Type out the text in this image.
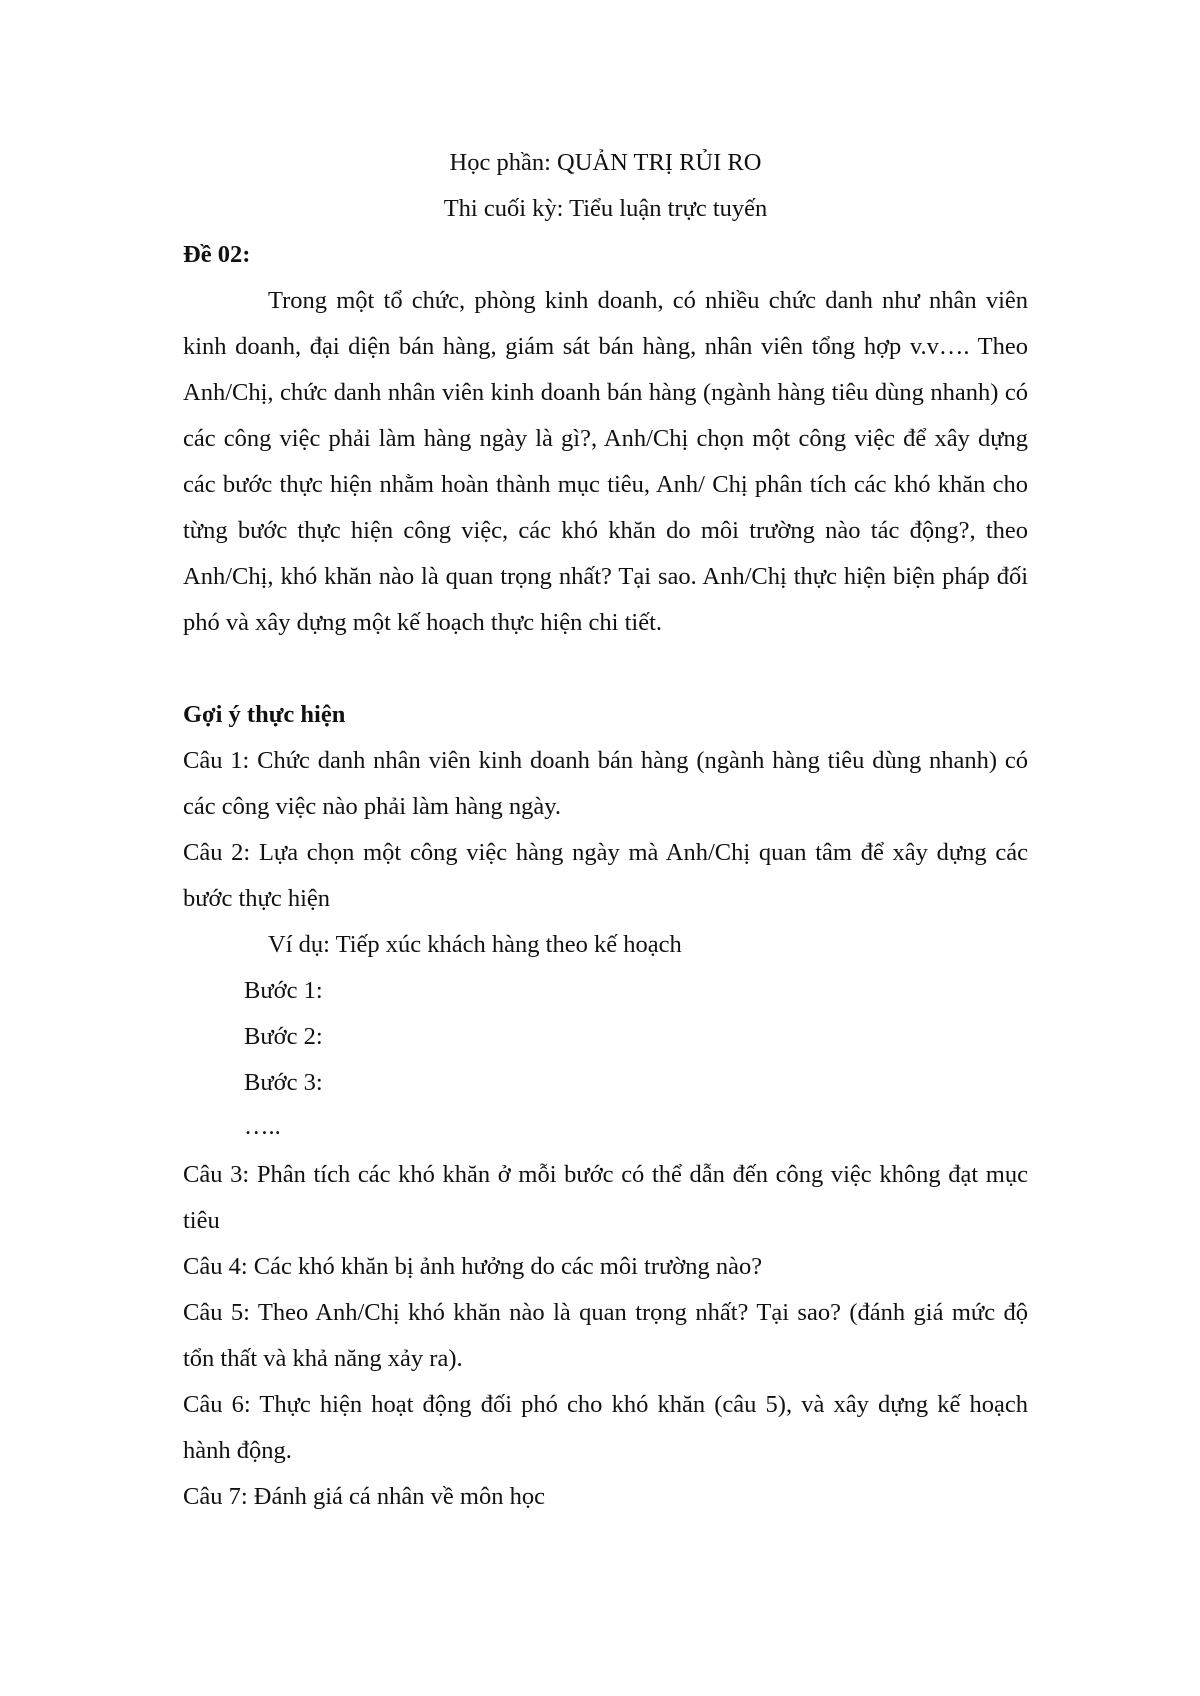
Học phần: QUẢN TRỊ RỦI RO
Thi cuối kỳ: Tiểu luận trực tuyến
Đề 02:

Trong một tổ chức, phòng kinh doanh, có nhiều chức danh như nhân viên kinh doanh, đại diện bán hàng, giám sát bán hàng, nhân viên tổng hợp v.v…. Theo Anh/Chị, chức danh nhân viên kinh doanh bán hàng (ngành hàng tiêu dùng nhanh) có các công việc phải làm hàng ngày là gì?, Anh/Chị chọn một công việc để xây dựng các bước thực hiện nhằm hoàn thành mục tiêu, Anh/ Chị phân tích các khó khăn cho từng bước thực hiện công việc, các khó khăn do môi trường nào tác động?, theo Anh/Chị, khó khăn nào là quan trọng nhất? Tại sao. Anh/Chị thực hiện biện pháp đối phó và xây dựng một kế hoạch thực hiện chi tiết.

Gợi ý thực hiện

Câu 1: Chức danh nhân viên kinh doanh bán hàng (ngành hàng tiêu dùng nhanh) có các công việc nào phải làm hàng ngày.

Câu 2: Lựa chọn một công việc hàng ngày mà Anh/Chị quan tâm để xây dựng các bước thực hiện

Ví dụ: Tiếp xúc khách hàng theo kế hoạch
Bước 1:
Bước 2:
Bước 3:
…..

Câu 3: Phân tích các khó khăn ở mỗi bước có thể dẫn đến công việc không đạt mục tiêu

Câu 4: Các khó khăn bị ảnh hưởng do các môi trường nào?

Câu 5: Theo Anh/Chị khó khăn nào là quan trọng nhất? Tại sao? (đánh giá mức độ tổn thất và khả năng xảy ra).

Câu 6: Thực hiện hoạt động đối phó cho khó khăn (câu 5), và xây dựng kế hoạch hành động.

Câu 7: Đánh giá cá nhân về môn học
